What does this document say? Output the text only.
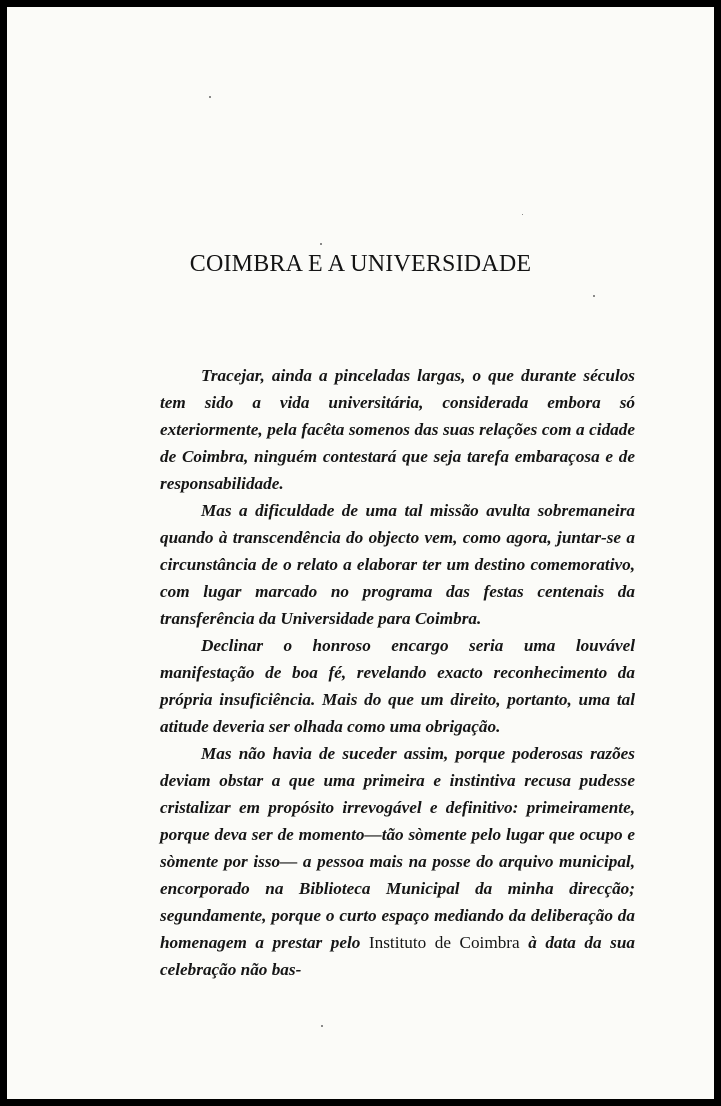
COIMBRA E A UNIVERSIDADE

Tracejar, ainda a pinceladas largas, o que durante séculos tem sido a vida universitária, considerada embora só exteriormente, pela facêta somenos das suas relações com a cidade de Coimbra, ninguém contestará que seja tarefa embaraçosa e de responsabilidade.

Mas a dificuldade de uma tal missão avulta sobremaneira quando à transcendência do objecto vem, como agora, juntar-se a circunstância de o relato a elaborar ter um destino comemorativo, com lugar marcado no programa das festas centenais da transferência da Universidade para Coimbra.

Declinar o honroso encargo seria uma louvável manifestação de boa fé, revelando exacto reconhecimento da própria insuficiência. Mais do que um direito, portanto, uma tal atitude deveria ser olhada como uma obrigação.

Mas não havia de suceder assim, porque poderosas razões deviam obstar a que uma primeira e instintiva recusa pudesse cristalizar em propósito irrevogável e definitivo: primeiramente, porque deva ser de momento—tão sòmente pelo lugar que ocupo e sòmente por isso— a pessoa mais na posse do arquivo municipal, encorporado na Biblioteca Municipal da minha direcção; segundamente, porque o curto espaço mediando da deliberação da homenagem a prestar pelo Instituto de Coimbra à data da sua celebração não bas-
